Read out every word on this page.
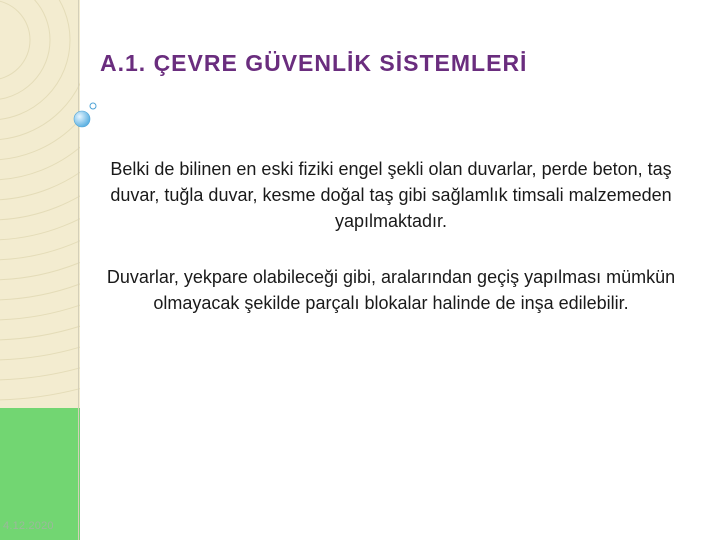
4.12.2020
A.1. ÇEVRE GÜVENLİK SİSTEMLERİ

Belki de bilinen en eski fiziki engel şekli olan duvarlar, perde beton, taş duvar, tuğla duvar, kesme doğal taş gibi sağlamlık timsali malzemeden yapılmaktadır.

Duvarlar, yekpare olabileceği gibi, aralarından geçiş yapılması mümkün olmayacak şekilde parçalı blokalar halinde de inşa edilebilir.
